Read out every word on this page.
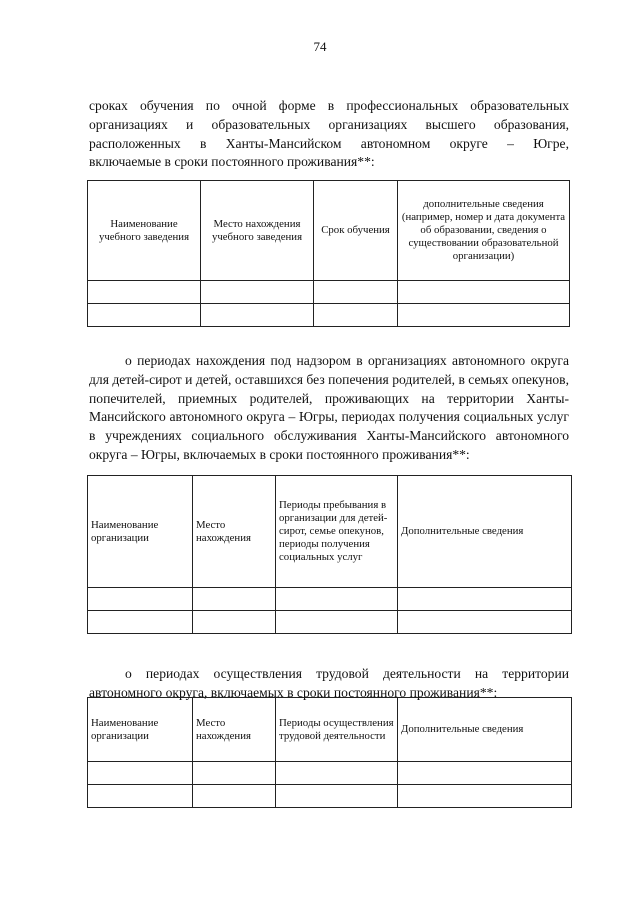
74
сроках обучения по очной форме в профессиональных образовательных
организациях и образовательных организациях высшего образования,
расположенных в Ханты-Мансийском автономном округе – Югре,
включаемые в сроки постоянного проживания**:
Наименование учебного заведения	Место нахождения учебного заведения	Срок обучения	дополнительные сведения (например, номер и дата документа об образовании, сведения о существовании образовательной организации)

о периодах нахождения под надзором в организациях автономного округа для детей-сирот и детей, оставшихся без попечения родителей, в семьях опекунов, попечителей, приемных родителей, проживающих на территории Ханты-Мансийского автономного округа – Югры, периодах получения социальных услуг в учреждениях социального обслуживания Ханты-Мансийского автономного округа – Югры, включаемых в сроки постоянного проживания**:
Наименование организации	Место нахождения	Периоды пребывания в организации для детей-сирот, семье опекунов, периоды получения социальных услуг	Дополнительные сведения

о периодах осуществления трудовой деятельности на территории автономного округа, включаемых в сроки постоянного проживания**:
Наименование организации	Место нахождения	Периоды осуществления трудовой деятельности	Дополнительные сведения
